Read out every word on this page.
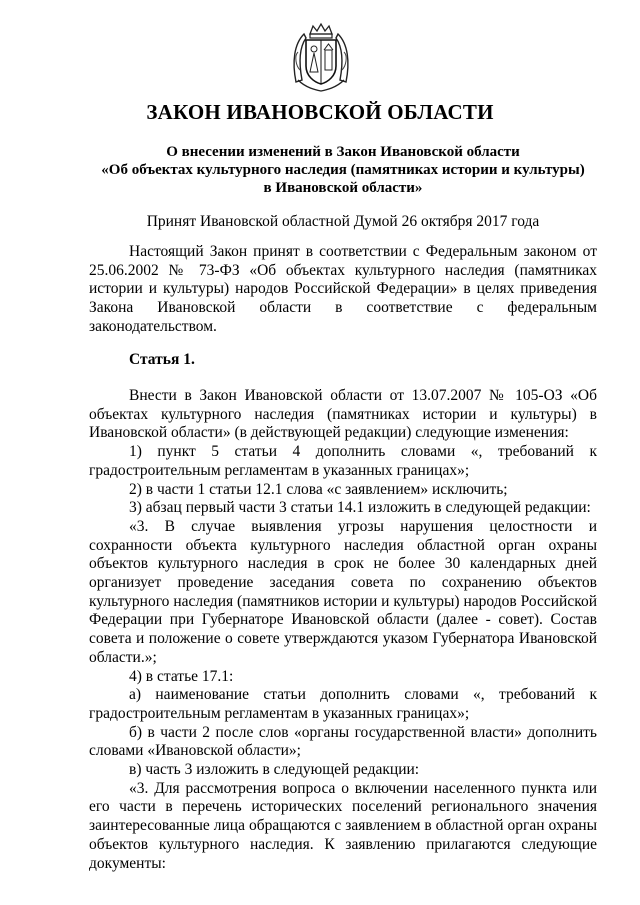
ЗАКОН ИВАНОВСКОЙ ОБЛАСТИ
О внесении изменений в Закон Ивановской области
«Об объектах культурного наследия (памятниках истории и культуры)
в Ивановской области»
Принят Ивановской областной Думой 26 октября 2017 года

Настоящий Закон принят в соответствии с Федеральным законом от 25.06.2002 № 73-ФЗ «Об объектах культурного наследия (памятниках истории и культуры) народов Российской Федерации» в целях приведения Закона Ивановской области в соответствие с федеральным законодательством.

Статья 1.

Внести в Закон Ивановской области от 13.07.2007 № 105-ОЗ «Об объектах культурного наследия (памятниках истории и культуры) в Ивановской области» (в действующей редакции) следующие изменения:

1) пункт 5 статьи 4 дополнить словами «, требований к градостроительным регламентам в указанных границах»;

2) в части 1 статьи 12.1 слова «с заявлением» исключить;

3) абзац первый части 3 статьи 14.1 изложить в следующей редакции:

«3. В случае выявления угрозы нарушения целостности и сохранности объекта культурного наследия областной орган охраны объектов культурного наследия в срок не более 30 календарных дней организует проведение заседания совета по сохранению объектов культурного наследия (памятников истории и культуры) народов Российской Федерации при Губернаторе Ивановской области (далее - совет). Состав совета и положение о совете утверждаются указом Губернатора Ивановской области.»;

4) в статье 17.1:

а) наименование статьи дополнить словами «, требований к градостроительным регламентам в указанных границах»;

б) в части 2 после слов «органы государственной власти» дополнить словами «Ивановской области»;

в) часть 3 изложить в следующей редакции:

«3. Для рассмотрения вопроса о включении населенного пункта или его части в перечень исторических поселений регионального значения заинтересованные лица обращаются с заявлением в областной орган охраны объектов культурного наследия. К заявлению прилагаются следующие документы:
